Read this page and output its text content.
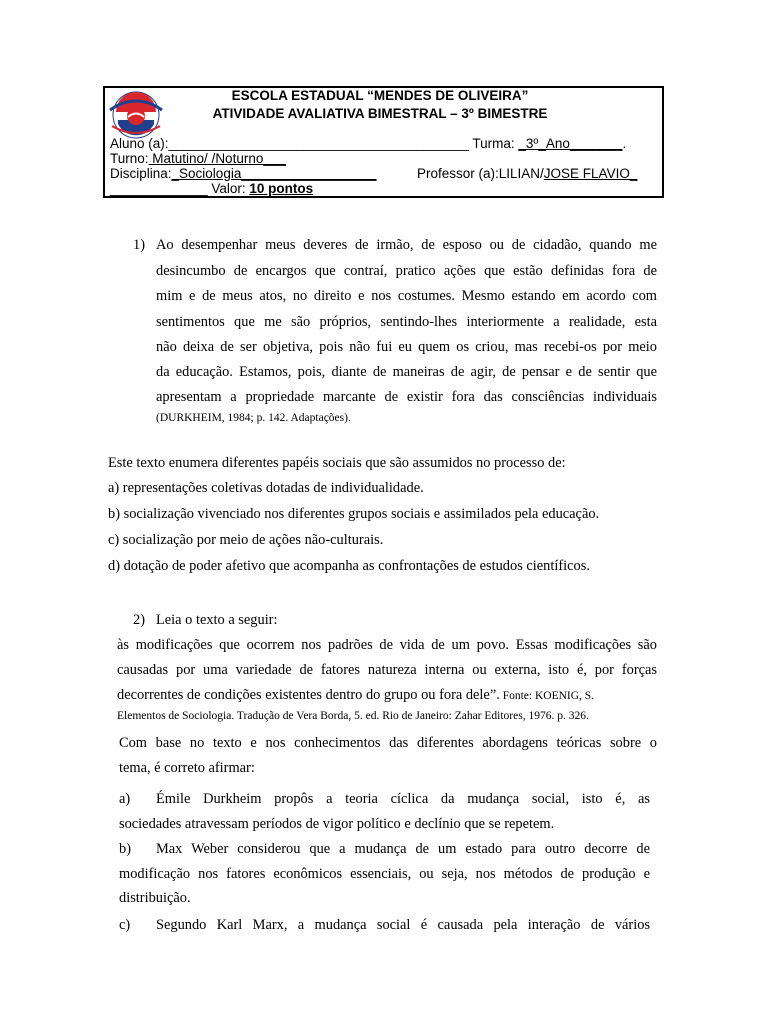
ESCOLA ESTADUAL “MENDES DE OLIVEIRA”
ATIVIDADE AVALIATIVA BIMESTRAL – 3º BIMESTRE
Aluno (a):________________________________________ Turma: _3º_Ano_______.
Turno: Matutino/ /Noturno___
Disciplina:_Sociologia__________________	Professor (a):LILIAN/JOSE FLAVIO_
_____________ Valor: 10 pontos
1) Ao desempenhar meus deveres de irmão, de esposo ou de cidadão, quando me
desincumbo de encargos que contraí, pratico ações que estão definidas fora de
mim e de meus atos, no direito e nos costumes. Mesmo estando em acordo com
sentimentos que me são próprios, sentindo-lhes interiormente a realidade, esta
não deixa de ser objetiva, pois não fui eu quem os criou, mas recebi-os por meio
da educação. Estamos, pois, diante de maneiras de agir, de pensar e de sentir que
apresentam a propriedade marcante de existir fora das consciências individuais
(DURKHEIM, 1984; p. 142. Adaptações).
Este texto enumera diferentes papéis sociais que são assumidos no processo de:
a) representações coletivas dotadas de individualidade.
b) socialização vivenciado nos diferentes grupos sociais e assimilados pela educação.
c) socialização por meio de ações não-culturais.
d) dotação de poder afetivo que acompanha as confrontações de estudos científicos.
2) Leia o texto a seguir:
às modificações que ocorrem nos padrões de vida de um povo. Essas modificações são
causadas por uma variedade de fatores natureza interna ou externa, isto é, por forças
decorrentes de condições existentes dentro do grupo ou fora dele”. Fonte: KOENIG, S.
Elementos de Sociologia. Tradução de Vera Borda, 5. ed. Rio de Janeiro: Zahar Editores, 1976. p. 326.
Com base no texto e nos conhecimentos das diferentes abordagens teóricas sobre o
tema, é correto afirmar:
a) Émile Durkheim propôs a teoria cíclica da mudança social, isto é, as
sociedades atravessam períodos de vigor político e declínio que se repetem.
b) Max Weber considerou que a mudança de um estado para outro decorre de
modificação nos fatores econômicos essenciais, ou seja, nos métodos de produção e
distribuição.
c) Segundo Karl Marx, a mudança social é causada pela interação de vários
